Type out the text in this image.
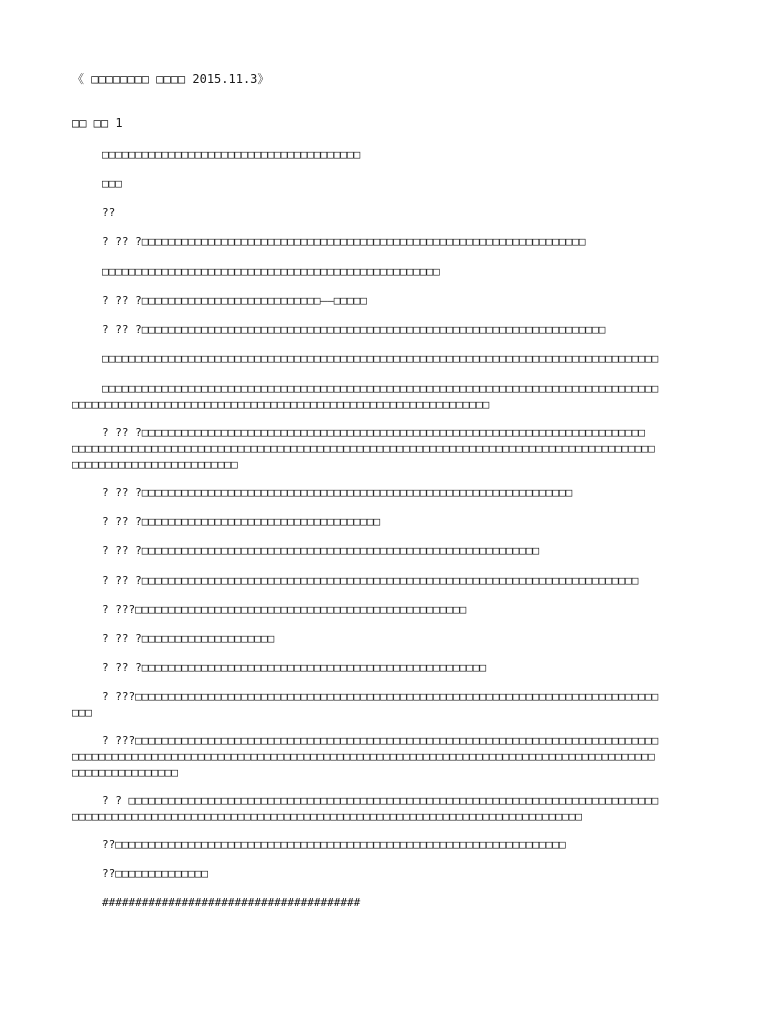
《 □□□□□□□□ □□□□ 2015.11.3》
□□ □□ 1
□□□□□□□□□□□□□□□□□□□□□□□□□□□□□□□□□□□□□□□
□□□
??
? ?? ?□□□□□□□□□□□□□□□□□□□□□□□□□□□□□□□□□□□□□□□□□□□□□□□□□□□□□□□□□□□□□□□□□□□
□□□□□□□□□□□□□□□□□□□□□□□□□□□□□□□□□□□□□□□□□□□□□□□□□□□
? ?? ?□□□□□□□□□□□□□□□□□□□□□□□□□□□——□□□□□
? ?? ?□□□□□□□□□□□□□□□□□□□□□□□□□□□□□□□□□□□□□□□□□□□□□□□□□□□□□□□□□□□□□□□□□□□□□□
□□□□□□□□□□□□□□□□□□□□□□□□□□□□□□□□□□□□□□□□□□□□□□□□□□□□□□□□□□□□□□□□□□□□□□□□□□□□□□□□□□□□
□□□□□□□□□□□□□□□□□□□□□□□□□□□□□□□□□□□□□□□□□□□□□□□□□□□□□□□□□□□□□□□□□□□□□□□□□□□□□□□□□□□□
□□□□□□□□□□□□□□□□□□□□□□□□□□□□□□□□□□□□□□□□□□□□□□□□□□□□□□□□□□□□□□□
? ?? ?□□□□□□□□□□□□□□□□□□□□□□□□□□□□□□□□□□□□□□□□□□□□□□□□□□□□□□□□□□□□□□□□□□□□□□□□□□□□
□□□□□□□□□□□□□□□□□□□□□□□□□□□□□□□□□□□□□□□□□□□□□□□□□□□□□□□□□□□□□□□□□□□□□□□□□□□□□□□□□□□□□□□□
□□□□□□□□□□□□□□□□□□□□□□□□□
? ?? ?□□□□□□□□□□□□□□□□□□□□□□□□□□□□□□□□□□□□□□□□□□□□□□□□□□□□□□□□□□□□□□□□□
? ?? ?□□□□□□□□□□□□□□□□□□□□□□□□□□□□□□□□□□□□
? ?? ?□□□□□□□□□□□□□□□□□□□□□□□□□□□□□□□□□□□□□□□□□□□□□□□□□□□□□□□□□□□□
? ?? ?□□□□□□□□□□□□□□□□□□□□□□□□□□□□□□□□□□□□□□□□□□□□□□□□□□□□□□□□□□□□□□□□□□□□□□□□□□□
? ???□□□□□□□□□□□□□□□□□□□□□□□□□□□□□□□□□□□□□□□□□□□□□□□□□□
? ?? ?□□□□□□□□□□□□□□□□□□□□
? ?? ?□□□□□□□□□□□□□□□□□□□□□□□□□□□□□□□□□□□□□□□□□□□□□□□□□□□□
? ???□□□□□□□□□□□□□□□□□□□□□□□□□□□□□□□□□□□□□□□□□□□□□□□□□□□□□□□□□□□□□□□□□□□□□□□□□□□□□□□
□□□
? ???□□□□□□□□□□□□□□□□□□□□□□□□□□□□□□□□□□□□□□□□□□□□□□□□□□□□□□□□□□□□□□□□□□□□□□□□□□□□□□□
□□□□□□□□□□□□□□□□□□□□□□□□□□□□□□□□□□□□□□□□□□□□□□□□□□□□□□□□□□□□□□□□□□□□□□□□□□□□□□□□□□□□□□□□
□□□□□□□□□□□□□□□□
? ? □□□□□□□□□□□□□□□□□□□□□□□□□□□□□□□□□□□□□□□□□□□□□□□□□□□□□□□□□□□□□□□□□□□□□□□□□□□□□□□□
□□□□□□□□□□□□□□□□□□□□□□□□□□□□□□□□□□□□□□□□□□□□□□□□□□□□□□□□□□□□□□□□□□□□□□□□□□□□□
??□□□□□□□□□□□□□□□□□□□□□□□□□□□□□□□□□□□□□□□□□□□□□□□□□□□□□□□□□□□□□□□□□□□□
??□□□□□□□□□□□□□□
#######################################
